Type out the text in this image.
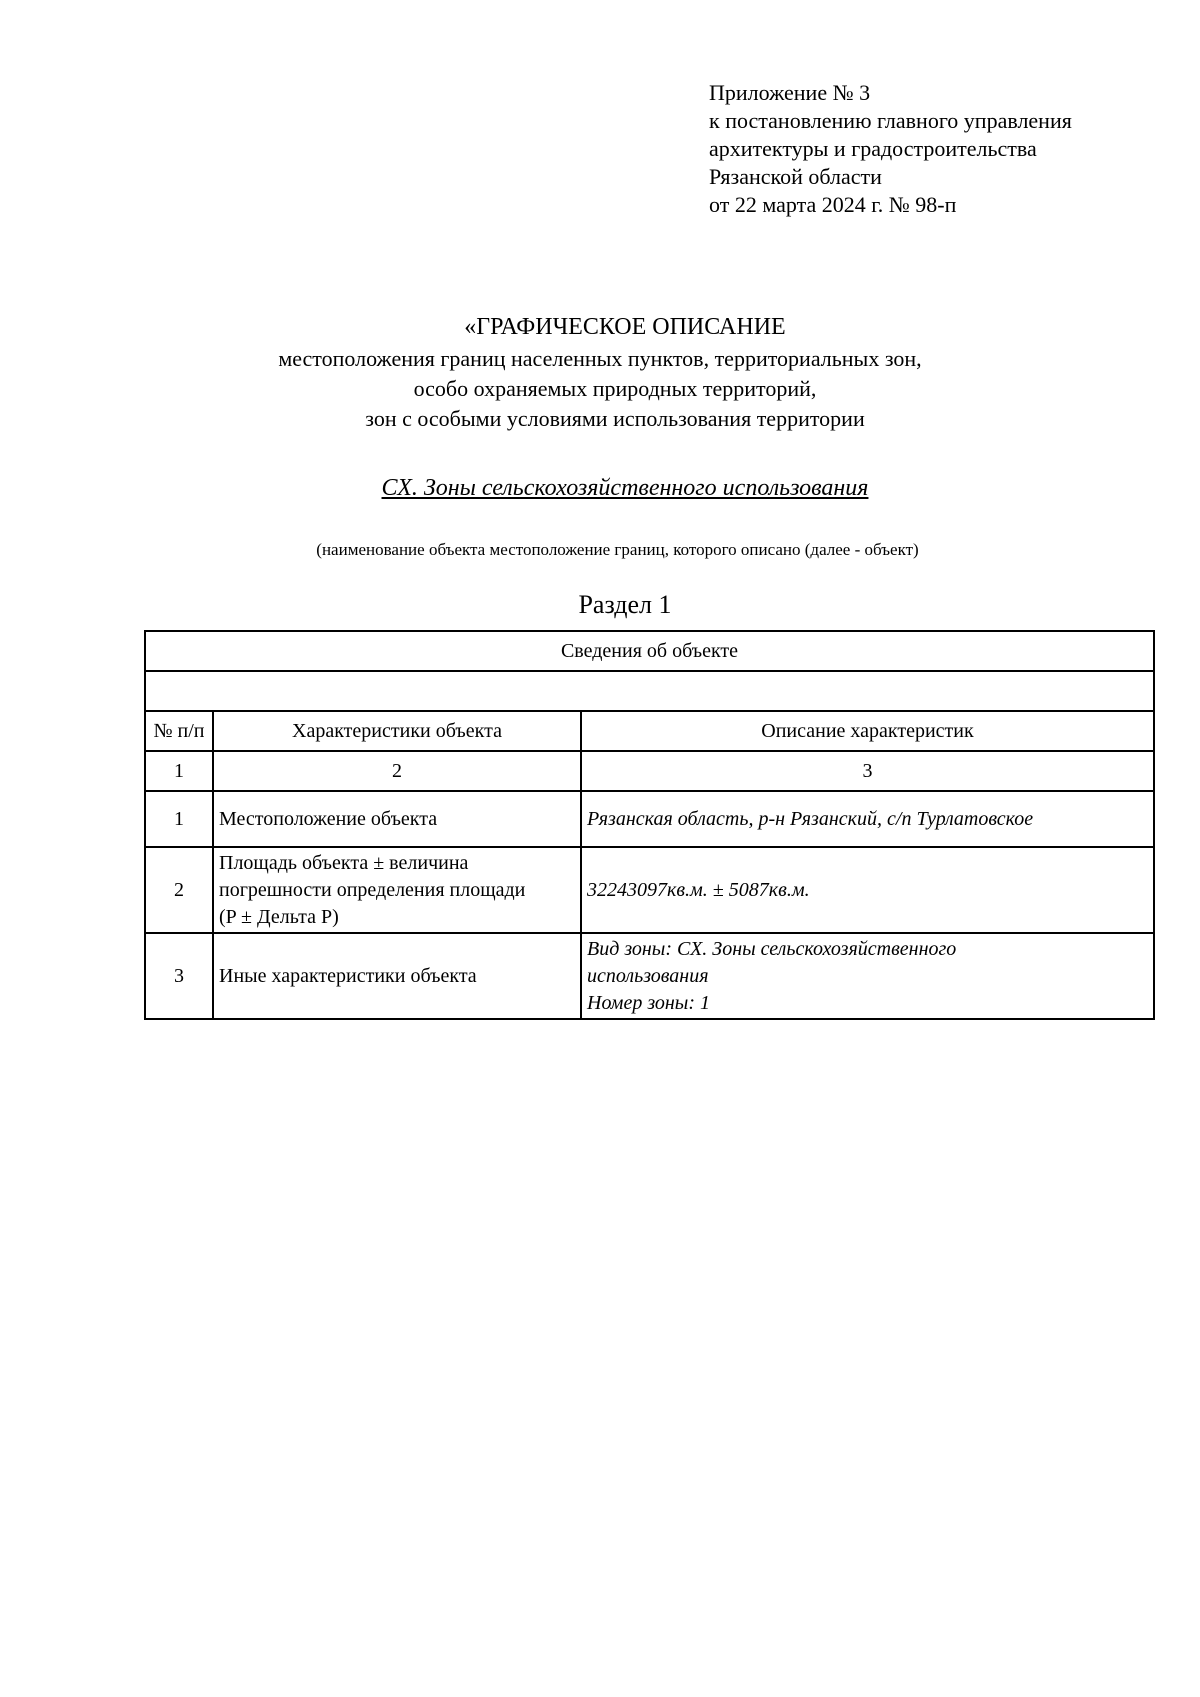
Приложение № 3
к постановлению главного управления
архитектуры и градостроительства
Рязанской области
от 22 марта 2024 г. № 98-п
«ГРАФИЧЕСКОЕ ОПИСАНИЕ
местоположения границ населенных пунктов, территориальных зон,
особо охраняемых природных территорий,
зон с особыми условиями использования территории
СХ. Зоны сельскохозяйственного использования
(наименование объекта местоположение границ, которого описано (далее - объект)
Раздел 1
Сведения об объекте		

№ п/п	Характеристики объекта	Описание характеристик
1	2	3
1	Местоположение объекта	Рязанская область, р-н Рязанский, с/п Турлатовское

2	Площадь объекта ± величина
погрешности определения площади
(P ± Дельта P)	32243097кв.м. ± 5087кв.м.

3	Иные характеристики объекта	Вид зоны: СХ. Зоны сельскохозяйственного
использования
Номер зоны: 1
